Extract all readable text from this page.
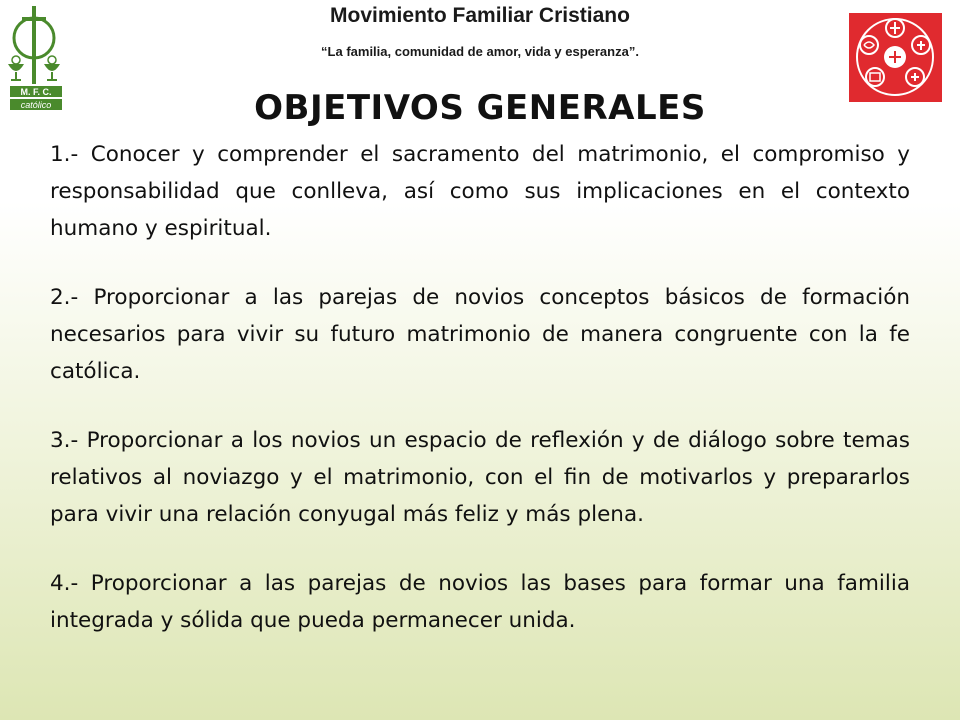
M. F. C.
católico
Movimiento Familiar Cristiano
“La familia, comunidad de amor, vida y esperanza”.
OBJETIVOS GENERALES

1.- Conocer y comprender el sacramento del matrimonio, el compromiso y responsabilidad que conlleva, así como sus implicaciones en el contexto humano y espiritual.

2.- Proporcionar a las parejas de novios conceptos básicos de formación necesarios para vivir su futuro matrimonio de manera congruente con la fe católica.

3.- Proporcionar a los novios un espacio de reflexión y de diálogo sobre temas relativos al noviazgo y el matrimonio, con el fin de motivarlos y prepararlos para vivir una relación conyugal más feliz y más plena.

4.- Proporcionar a las parejas de novios las bases para formar una familia integrada y sólida que pueda permanecer unida.
